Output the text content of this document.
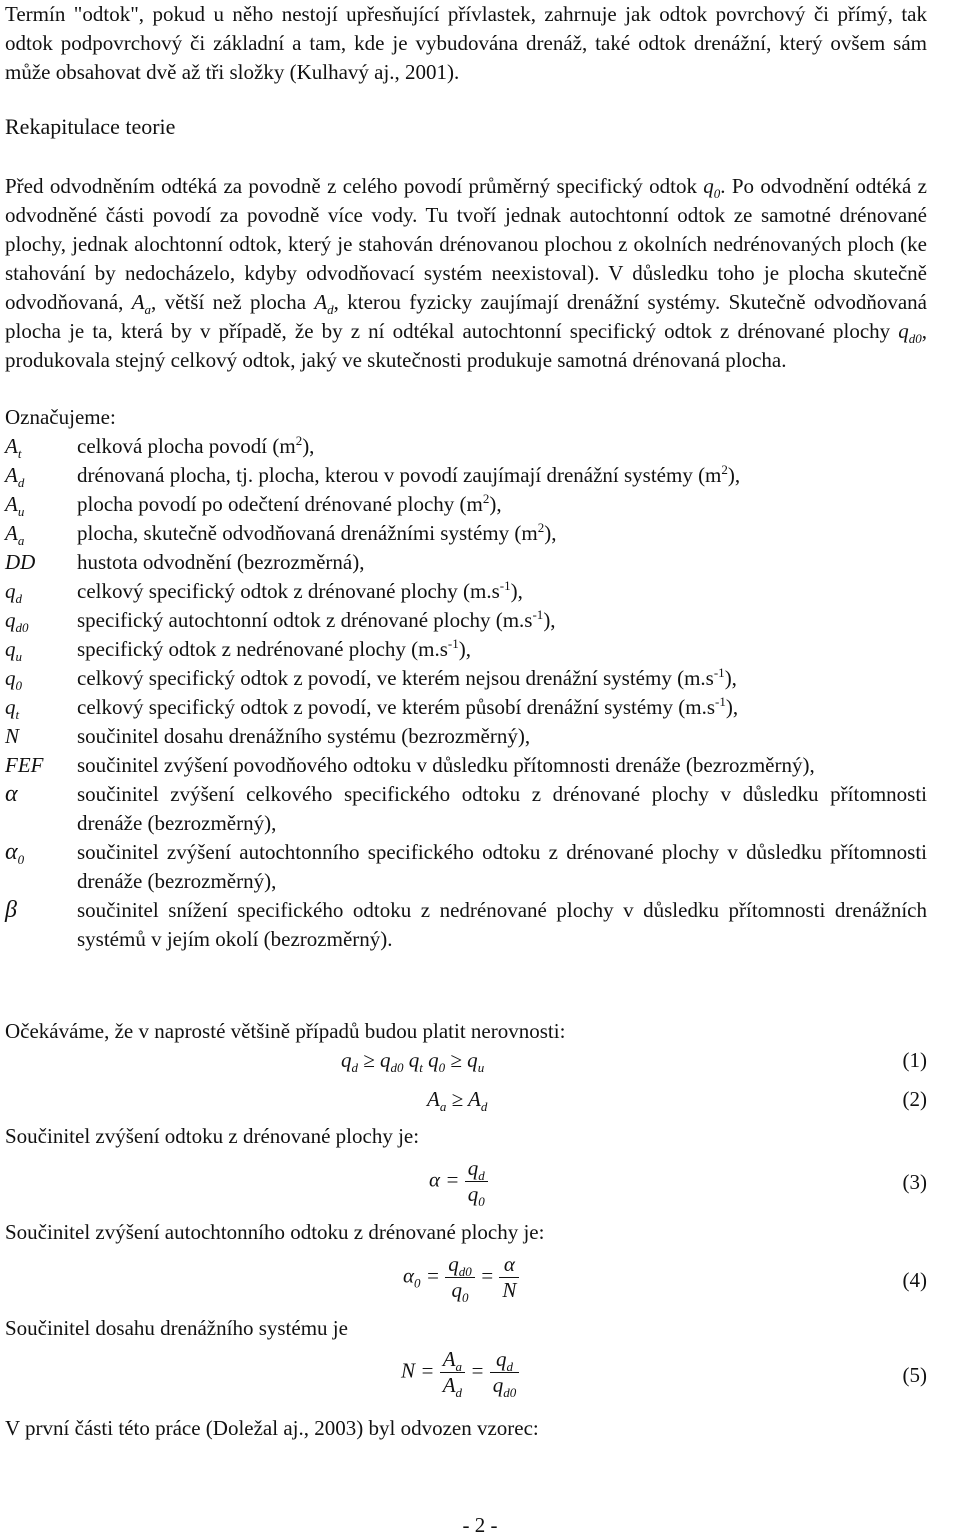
Termín "odtok", pokud u něho nestojí upřesňující přívlastek, zahrnuje jak odtok povrchový či přímý, tak odtok podpovrchový či základní a tam, kde je vybudována drenáž, také odtok drenážní, který ovšem sám může obsahovat dvě až tři složky (Kulhavý aj., 2001).

Rekapitulace teorie

Před odvodněním odtéká za povodně z celého povodí průměrný specifický odtok $q_0$. Po odvodnění odtéká z odvodněné části povodí za povodně více vody. Tu tvoří jednak autochtonní odtok ze samotné drénované plochy, jednak alochtonní odtok, který je stahován drénovanou plochou z okolních nedrénovaných ploch (ke stahování by nedocházelo, kdyby odvodňovací systém neexistoval). V důsledku toho je plocha skutečně odvodňovaná, $A_a$, větší než plocha $A_d$, kterou fyzicky zaujímají drenážní systémy. Skutečně odvodňovaná plocha je ta, která by v případě, že by z ní odtékal autochtonní specifický odtok z drénované plochy $q_{d0}$, produkovala stejný celkový odtok, jaký ve skutečnosti produkuje samotná drénovaná plocha.

Označujeme:

$A_t$	celková plocha povodí $(m^2)$,
$A_d$	drénovaná plocha, tj. plocha, kterou v povodí zaujímají drenážní systémy $(m^2)$,
$A_u$	plocha povodí po odečtení drénované plochy $(m^2)$,
$A_a$	plocha, skutečně odvodňovaná drenážními systémy $(m^2)$,
DD	hustota odvodnění (bezrozměrná),
$q_d$	celkový specifický odtok z drénované plochy $(m.s^{-1})$,
$q_{d0}$	specifický autochtonní odtok z drénované plochy $(m.s^{-1})$,
$q_u$	specifický odtok z nedrénované plochy $(m.s^{-1})$,
$q_0$	celkový specifický odtok z povodí, ve kterém nejsou drenážní systémy $(m.s^{-1})$,
$q_t$	celkový specifický odtok z povodí, ve kterém působí drenážní systémy $(m.s^{-1})$,
N	součinitel dosahu drenážního systému (bezrozměrný),
FEF	součinitel zvýšení povodňového odtoku v důsledku přítomnosti drenáže (bezrozměrný),
α	součinitel zvýšení celkového specifického odtoku z drénované plochy v důsledku přítomnosti drenáže (bezrozměrný),
$\alpha_0$	součinitel zvýšení autochtonního specifického odtoku z drénované plochy v důsledku přítomnosti drenáže (bezrozměrný),
β	součinitel snížení specifického odtoku z nedrénované plochy v důsledku přítomnosti drenážních systémů v jejím okolí (bezrozměrný).

Očekáváme, že v naprosté většině případů budou platit nerovnosti:

$q_d \ge q_{d0}$ $q_t$ $q_0 \ge q_u$	(1)
$A_a \ge A_d$	(2)

Součinitel zvýšení odtoku z drénované plochy je:

$\alpha = \frac{q_d}{q_0}$	(3)

Součinitel zvýšení autochtonního odtoku z drénované plochy je:

$\alpha_0 = \frac{q_{d0}}{q_0} = \frac{\alpha}{N}$	(4)

Součinitel dosahu drenážního systému je

$N = \frac{A_a}{A_d} = \frac{q_d}{q_{d0}}$	(5)

V první části této práce (Doležal aj., 2003) byl odvozen vzorec:

- 2 -
